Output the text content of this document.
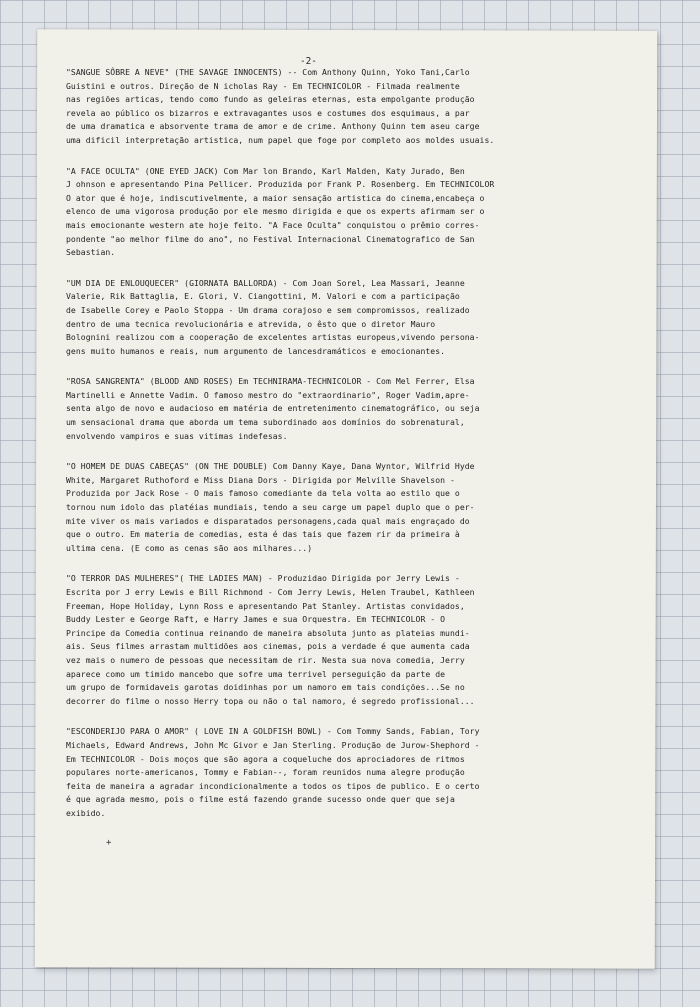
-2-

"SANGUE SÔBRE A NEVE" (THE SAVAGE INNOCENTS) -- Com Anthony Quinn, Yoko Tani,Carlo
Guistini e outros. Direção de N icholas Ray - Em TECHNICOLOR - Filmada realmente
nas regiões articas, tendo como fundo as geleiras eternas, esta empolgante produção
revela ao público os bizarros e extravagantes usos e costumes dos esquimaus, a par
de uma dramatica e absorvente trama de amor e de crime. Anthony Quinn tem aseu carge
uma dificil interpretação artistica, num papel que foge por completo aos moldes usuais.

"A FACE OCULTA" (ONE EYED JACK) Com Mar lon Brando, Karl Malden, Katy Jurado, Ben
J ohnson e apresentando Pina Pellicer. Produzida por Frank P. Rosenberg. Em TECHNICOLOR
O ator que é hoje, indiscutivelmente, a maior sensação artistica do cinema,encabeça o
elenco de uma vigorosa produção por ele mesmo dirigida e que os experts afirmam ser o
mais emocionante western ate hoje feito. "A Face Oculta" conquistou o prêmio corres-
pondente "ao melhor filme do ano", no Festival Internacional Cinematografico de San
Sebastian.

"UM DIA DE ENLOUQUECER" (GIORNATA BALLORDA) - Com Joan Sorel, Lea Massari, Jeanne
Valerie, Rik Battaglia, E. Glori, V. Ciangottini, M. Valori e com a participação
de Isabelle Corey e Paolo Stoppa - Um drama corajoso e sem compromissos, realizado
dentro de uma tecnica revolucionária e atrevida, o êsto que o diretor Mauro
Bolognini realizou com a cooperação de excelentes artistas europeus,vivendo persona-
gens muito humanos e reais, num argumento de lancesdramáticos e emocionantes.

"ROSA SANGRENTA" (BLOOD AND ROSES) Em TECHNIRAMA-TECHNICOLOR - Com Mel Ferrer, Elsa
Martinelli e Annette Vadim. O famoso mestro do "extraordinario", Roger Vadim,apre-
senta algo de novo e audacioso em matéria de entretenimento cinematográfico, ou seja
um sensacional drama que aborda um tema subordinado aos domínios do sobrenatural,
envolvendo vampiros e suas vitimas indefesas.

"O HOMEM DE DUAS CABEÇAS" (ON THE DOUBLE) Com Danny Kaye, Dana Wyntor, Wilfrid Hyde
White, Margaret Ruthoford e Miss Diana Dors - Dirigida por Melville Shavelson -
Produzida por Jack Rose - O mais famoso comediante da tela volta ao estilo que o
tornou num idolo das platéias mundiais, tendo a seu carge um papel duplo que o per-
mite viver os mais variados e disparatados personagens,cada qual mais engraçado do
que o outro. Em materia de comedias, esta é das tais que fazem rir da primeira à
ultima cena. (E como as cenas são aos milhares...)

"O TERROR DAS MULHERES"( THE LADIES MAN) - Produzidao Dirigida por Jerry Lewis -
Escrita por J erry Lewis e Bill Richmond - Com Jerry Lewis, Helen Traubel, Kathleen
Freeman, Hope Holiday, Lynn Ross e apresentando Pat Stanley. Artistas convidados,
Buddy Lester e George Raft, e Harry James e sua Orquestra. Em TECHNICOLOR - O
Principe da Comedia continua reinando de maneira absoluta junto as plateias mundi-
ais. Seus filmes arrastam multidões aos cinemas, pois a verdade é que aumenta cada
vez mais o numero de pessoas que necessitam de rir. Nesta sua nova comedia, Jerry
aparece como um timido mancebo que sofre uma terrivel perseguição da parte de
um grupo de formidaveis garotas doidinhas por um namoro em tais condições...Se no
decorrer do filme o nosso Herry topa ou não o tal namoro, é segredo profissional...

"ESCONDERIJO PARA O AMOR" ( LOVE IN A GOLDFISH BOWL) - Com Tommy Sands, Fabian, Tory
Michaels, Edward Andrews, John Mc Givor e Jan Sterling. Produção de Jurow-Shephord -
Em TECHNICOLOR - Dois moços que são agora a coqueluche dos aprociadores de ritmos
populares norte-americanos, Tommy e Fabian--, foram reunidos numa alegre produção
feita de maneira a agradar incondicionalmente a todos os tipos de publico. E o certo
é que agrada mesmo, pois o filme está fazendo grande sucesso onde quer que seja
exibido.

+
